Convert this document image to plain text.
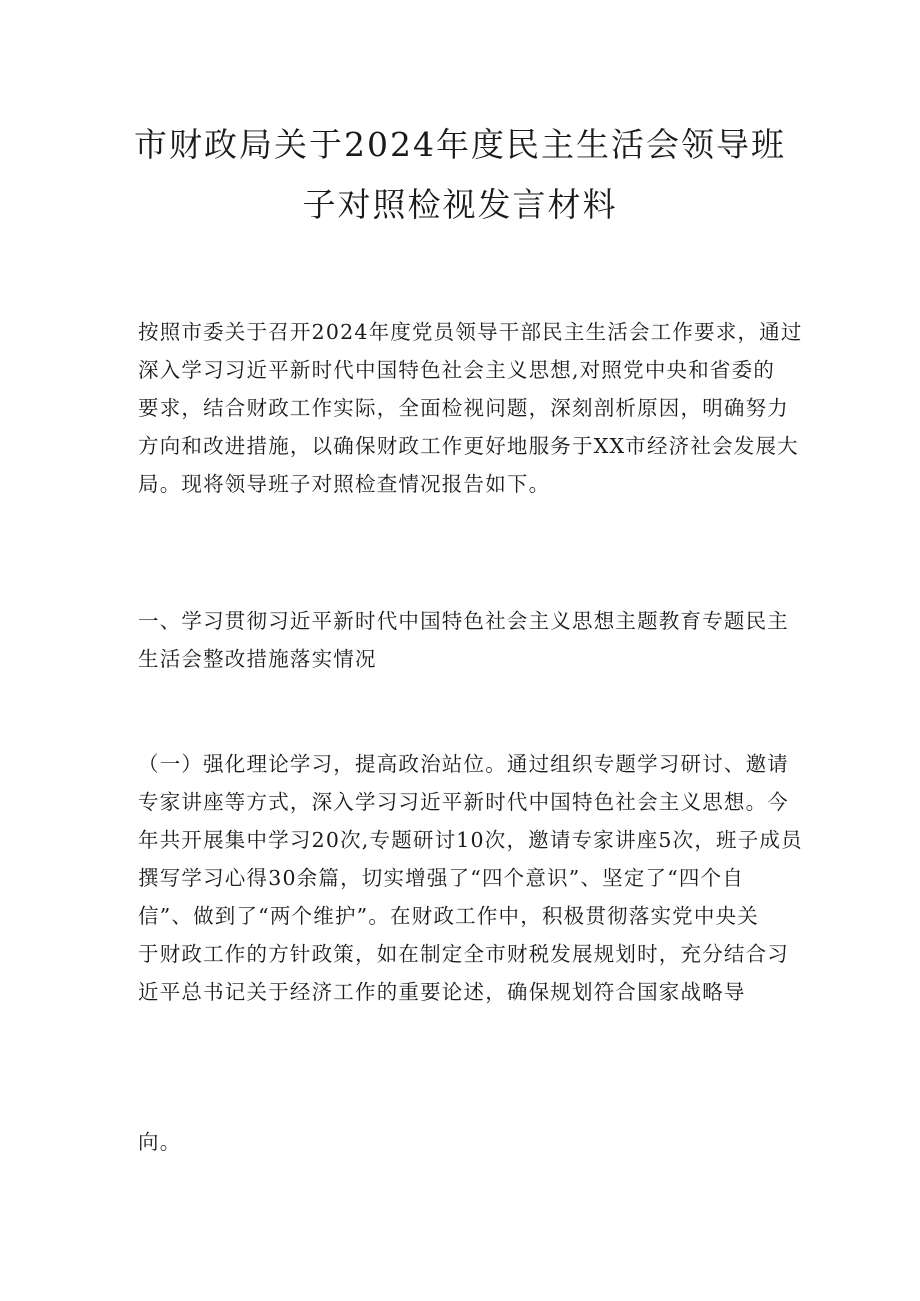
市财政局关于2024年度民主生活会领导班
子对照检视发言材料

按照市委关于召开2024年度党员领导干部民主生活会工作要求，通过
深入学习习近平新时代中国特色社会主义思想,对照党中央和省委的
要求，结合财政工作实际，全面检视问题，深刻剖析原因，明确努力
方向和改进措施，以确保财政工作更好地服务于XX市经济社会发展大
局。现将领导班子对照检查情况报告如下。

一、学习贯彻习近平新时代中国特色社会主义思想主题教育专题民主
生活会整改措施落实情况

（一）强化理论学习，提高政治站位。通过组织专题学习研讨、邀请
专家讲座等方式，深入学习习近平新时代中国特色社会主义思想。今
年共开展集中学习20次,专题研讨10次，邀请专家讲座5次，班子成员
撰写学习心得30余篇，切实增强了“四个意识”、坚定了“四个自
信”、做到了“两个维护”。在财政工作中，积极贯彻落实党中央关
于财政工作的方针政策，如在制定全市财税发展规划时，充分结合习
近平总书记关于经济工作的重要论述，确保规划符合国家战略导

向。
